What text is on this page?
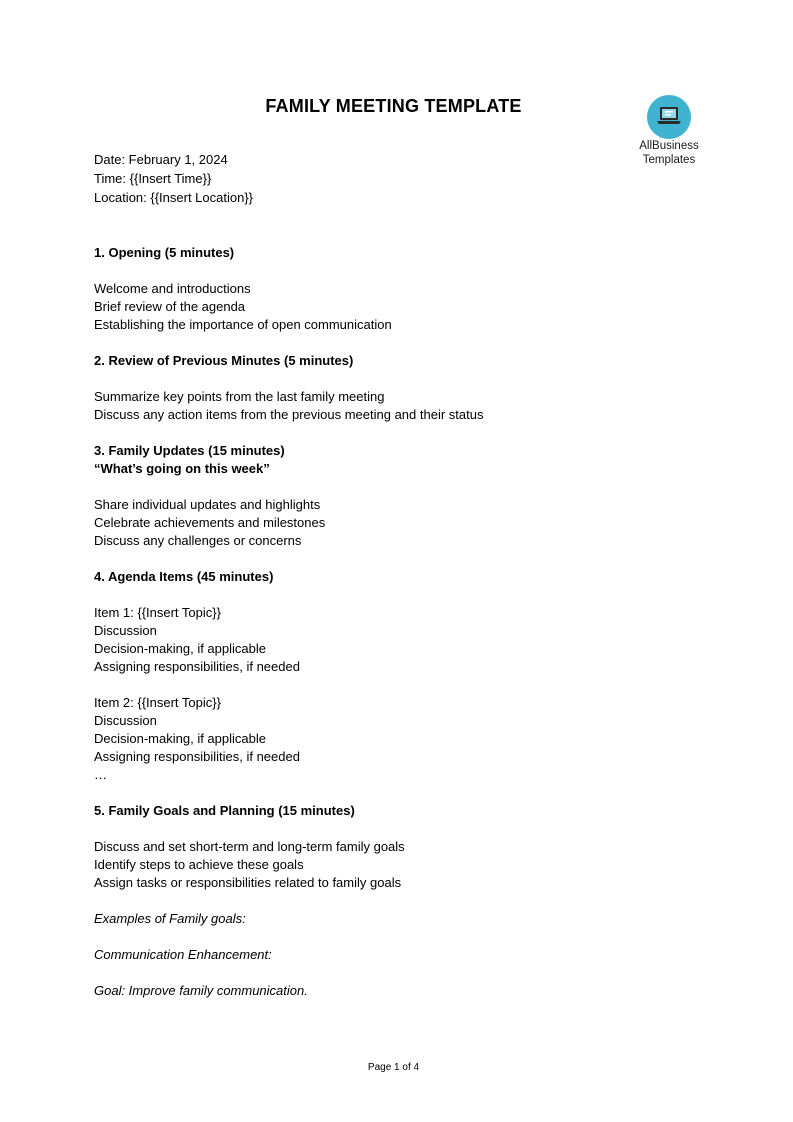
FAMILY MEETING TEMPLATE
AllBusiness
Templates
Date: February 1, 2024
Time: {{Insert Time}}
Location: {{Insert Location}}
1. Opening (5 minutes)
Welcome and introductions
Brief review of the agenda
Establishing the importance of open communication
2. Review of Previous Minutes (5 minutes)
Summarize key points from the last family meeting
Discuss any action items from the previous meeting and their status
3. Family Updates (15 minutes)
“What’s going on this week”
Share individual updates and highlights
Celebrate achievements and milestones
Discuss any challenges or concerns
4. Agenda Items (45 minutes)
Item 1: {{Insert Topic}}
Discussion
Decision-making, if applicable
Assigning responsibilities, if needed
Item 2: {{Insert Topic}}
Discussion
Decision-making, if applicable
Assigning responsibilities, if needed
…
5. Family Goals and Planning (15 minutes)
Discuss and set short-term and long-term family goals
Identify steps to achieve these goals
Assign tasks or responsibilities related to family goals
Examples of Family goals:
Communication Enhancement:
Goal: Improve family communication.
Page 1 of 4
